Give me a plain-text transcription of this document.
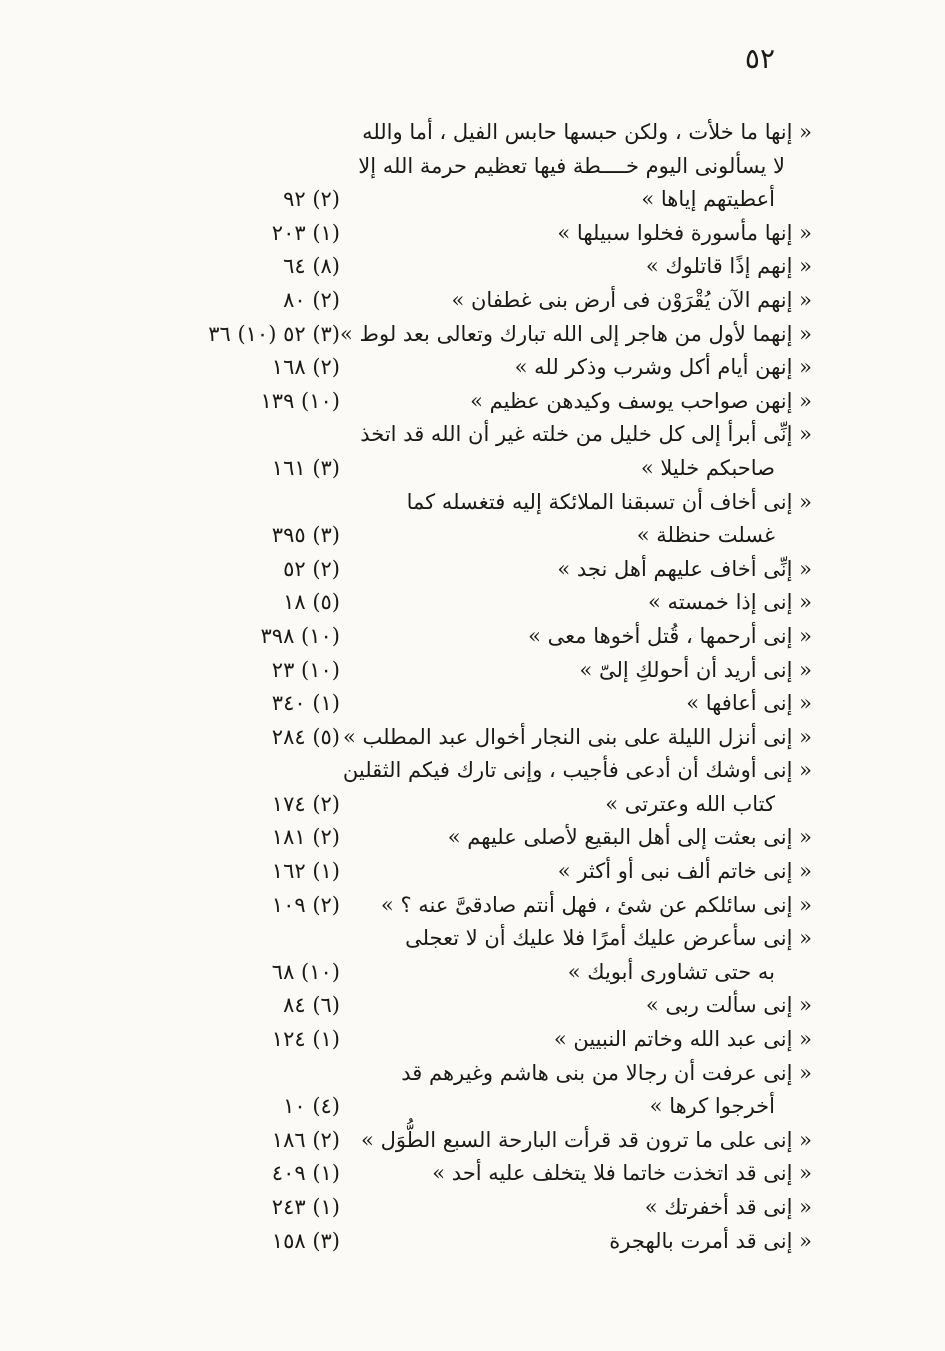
٥٢
« إنها ما خلأت ، ولكن حبسها حابس الفيل ، أما والله
لا يسألونى اليوم خــــطة فيها تعظيم حرمة الله إلا
أعطيتهم إياها »
(٢) ٩٢
« إنها مأسورة فخلوا سبيلها »
(١) ٢٠٣
« إنهم إذًا قاتلوك »
(٨) ٦٤
« إنهم الآن يُقْرَوْن فى أرض بنى غطفان »
(٢) ٨٠
« إنهما لأول من هاجر إلى الله تبارك وتعالى بعد لوط »
(٣) ٥٢ (١٠) ٣٦
« إنهن أيام أكل وشرب وذكر لله »
(٢) ١٦٨
« إنهن صواحب يوسف وكيدهن عظيم »
(١٠) ١٣٩
« إنِّى أبرأ إلى كل خليل من خلته غير أن الله قد اتخذ
صاحبكم خليلا »
(٣) ١٦١
« إنى أخاف أن تسبقنا الملائكة إليه فتغسله كما
غسلت حنظلة »
(٣) ٣٩٥
« إنِّى أخاف عليهم أهل نجد »
(٢) ٥٢
« إنى إذا خمسته »
(٥) ١٨
« إنى أرحمها ، قُتل أخوها معى »
(١٠) ٣٩٨
« إنى أريد أن أحولكِ إلىّ »
(١٠) ٢٣
« إنى أعافها »
(١) ٣٤٠
« إنى أنزل الليلة على بنى النجار أخوال عبد المطلب »
(٥) ٢٨٤
« إنى أوشك أن أدعى فأجيب ، وإنى تارك فيكم الثقلين
كتاب الله وعترتى »
(٢) ١٧٤
« إنى بعثت إلى أهل البقيع لأصلى عليهم »
(٢) ١٨١
« إنى خاتم ألف نبى أو أكثر »
(١) ١٦٢
« إنى سائلكم عن شئ ، فهل أنتم صادقىَّ عنه ؟ »
(٢) ١٠٩
« إنى سأعرض عليك أمرًا فلا عليك أن لا تعجلى
به حتى تشاورى أبويك »
(١٠) ٦٨
« إنى سألت ربى »
(٦) ٨٤
« إنى عبد الله وخاتم النبيين »
(١) ١٢٤
« إنى عرفت أن رجالا من بنى هاشم وغيرهم قد
أخرجوا كرها »
(٤) ١٠
« إنى على ما ترون قد قرأت البارحة السبع الطُّوَل »
(٢) ١٨٦
« إنى قد اتخذت خاتما فلا يتخلف عليه أحد »
(١) ٤٠٩
« إنى قد أخفرتك »
(١) ٢٤٣
« إنى قد أمرت بالهجرة
(٣) ١٥٨
